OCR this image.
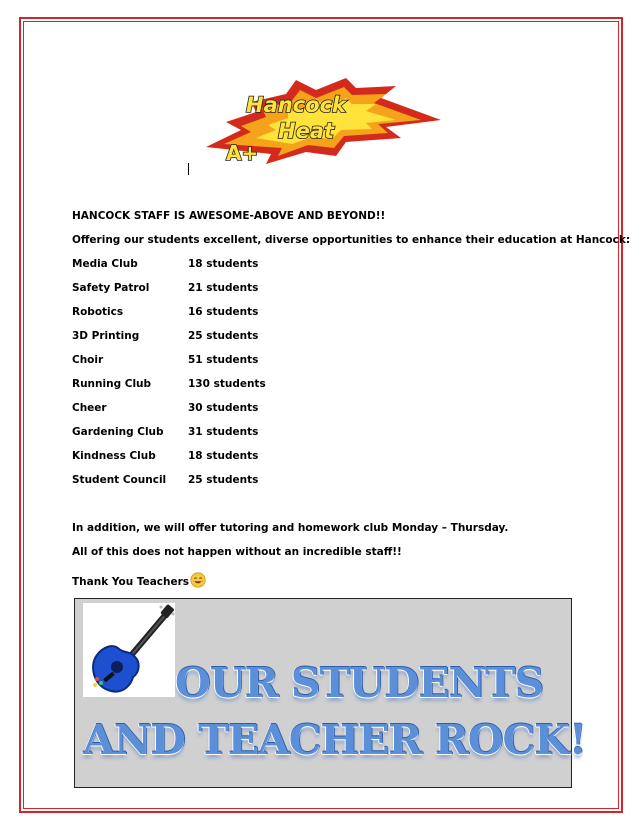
Hancock
Heat
A+
HANCOCK STAFF IS AWESOME-ABOVE AND BEYOND!!
Offering our students excellent, diverse opportunities to enhance their education at Hancock:
Media Club	18 students
Safety Patrol	21 students
Robotics	16 students
3D Printing	25 students
Choir	51 students
Running Club	130 students
Cheer	30 students
Gardening Club 31 students
Kindness Club	18 students
Student Council 25 students
In addition, we will offer tutoring and homework club Monday – Thursday.
All of this does not happen without an incredible staff!!
Thank You Teachers
OUR STUDENTS
AND TEACHER ROCK!
